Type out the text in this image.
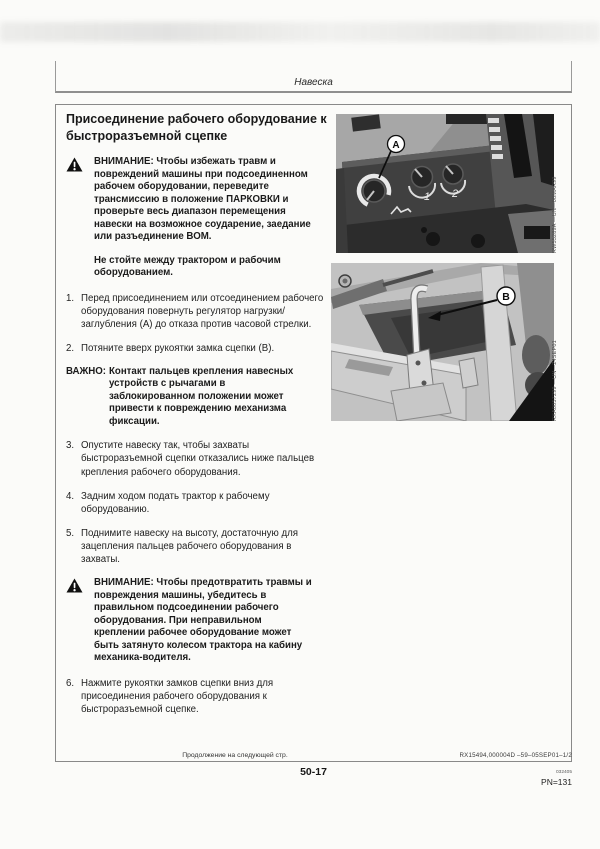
Навеска
Присоединение рабочего оборудование к быстроразъемной сцепке

ВНИМАНИЕ: Чтобы избежать травм и повреждений машины при подсоединенном рабочем оборудовании, переведите трансмиссию в положение ПАРКОВКИ и проверьте весь диапазон перемещения навески на возможное соударение, заедание или разъединение ВОМ.

Не стойте между трактором и рабочим оборудованием.

1. Перед присоединением или отсоединением рабочего оборудования повернуть регулятор нагрузки/заглубления (A) до отказа против часовой стрелки.
2. Потяните вверх рукоятки замка сцепки (B).
ВАЖНО: Контакт пальцев крепления навесных устройств с рычагами в заблокированном положении может привести к повреждению механизма фиксации.
3. Опустите навеску так, чтобы захваты быстроразъемной сцепки отказались ниже пальцев крепления рабочего оборудования.
4. Задним ходом подать трактор к рабочему оборудованию.
5. Поднимите навеску на высоту, достаточную для зацепления пальцев рабочего оборудования в захваты.

ВНИМАНИЕ: Чтобы предотвратить травмы и повреждения машины, убедитесь в правильном подсоединении рабочего оборудования. При неправильном креплении рабочее оборудование может быть затянуто колесом трактора на кабину механика-водителя.

6. Нажмите рукоятки замков сцепки вниз для присоединения рабочего оборудования к быстроразъемной сцепке.
1 2
A
RW55289A —UN—08MAR99
B
RXA0057299 —UN—24SEP01
Продолжение на следующей стр.	RX15494,000004D –59–05SEP01–1/2
50-17	032405
PN=131
